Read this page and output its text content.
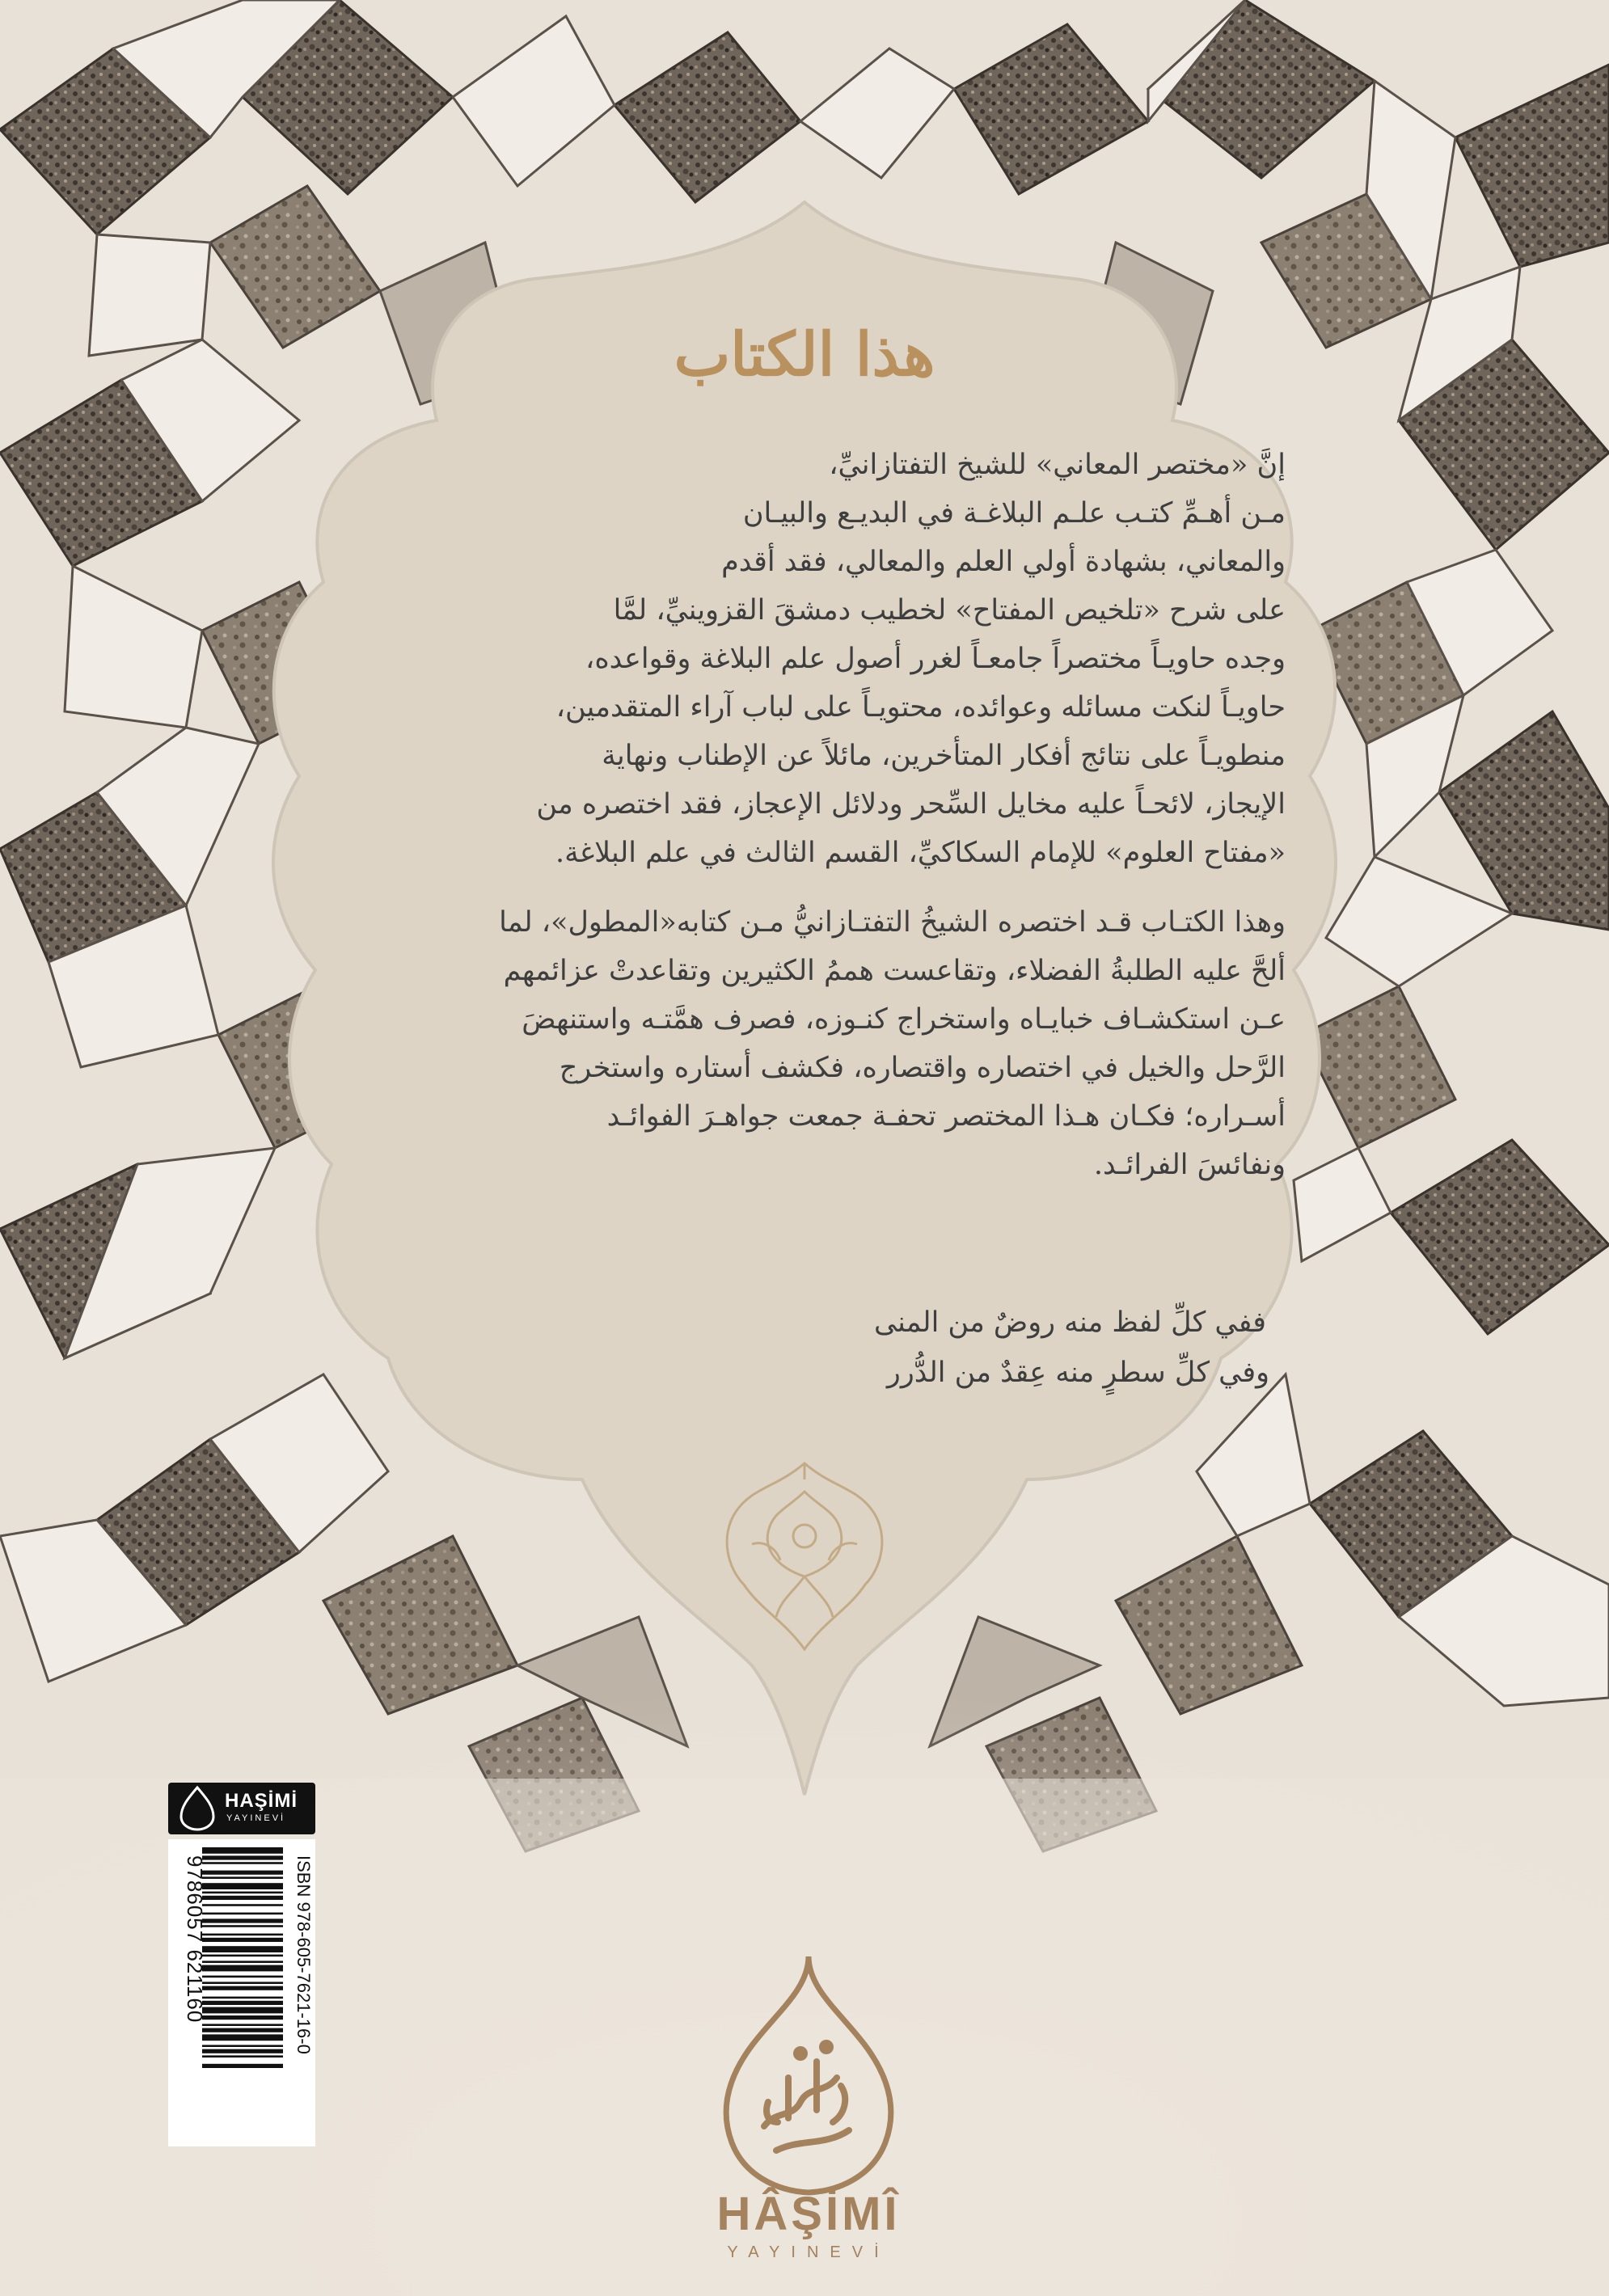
هذا الكتاب
إنَّ «مختصر المعاني» للشيخ التفتازانيِّ،
مـن أهـمِّ كتـب علـم البلاغـة في البديـع والبيـان
والمعاني، بشهادة أولي العلم والمعالي، فقد أقدم
على شرح «تلخيص المفتاح» لخطيب دمشقَ القزوينيِّ، لمَّا
وجده حاويـاً مختصراً جامعـاً لغرر أصول علم البلاغة وقواعده،
حاويـاً لنكت مسائله وعوائده، محتويـاً على لباب آراء المتقدمين،
منطويـاً على نتائج أفكار المتأخرين، مائلاً عن الإطناب ونهاية
الإيجاز، لائحـاً عليه مخايل السِّحر ودلائل الإعجاز، فقد اختصره من
«مفتاح العلوم» للإمام السكاكيِّ، القسم الثالث في علم البلاغة.
وهذا الكتـاب قـد اختصره الشيخُ التفتـازانيُّ مـن كتابه«المطول»، لما
ألحَّ عليه الطلبةُ الفضلاء، وتقاعست هممُ الكثيرين وتقاعدتْ عزائمهم
عـن استكشـاف خبايـاه واستخراج كنـوزه، فصرف همَّتـه واستنهضَ
الرَّحل والخيل في اختصاره واقتصاره، فكشف أستاره واستخرج
أسـراره؛ فكـان هـذا المختصر تحفـة جمعت جواهـرَ الفوائـد
ونفائسَ الفرائـد.
ففي كلِّ لفظ منه روضٌ من المنى
وفي كلِّ سطرٍ منه عِقدٌ من الدُّرر
HAŞİMİ
YAYINEVİ
ISBN 978-605-7621-16-0
9786057 621160
HÂŞİMÎ
YAYINEVİ
